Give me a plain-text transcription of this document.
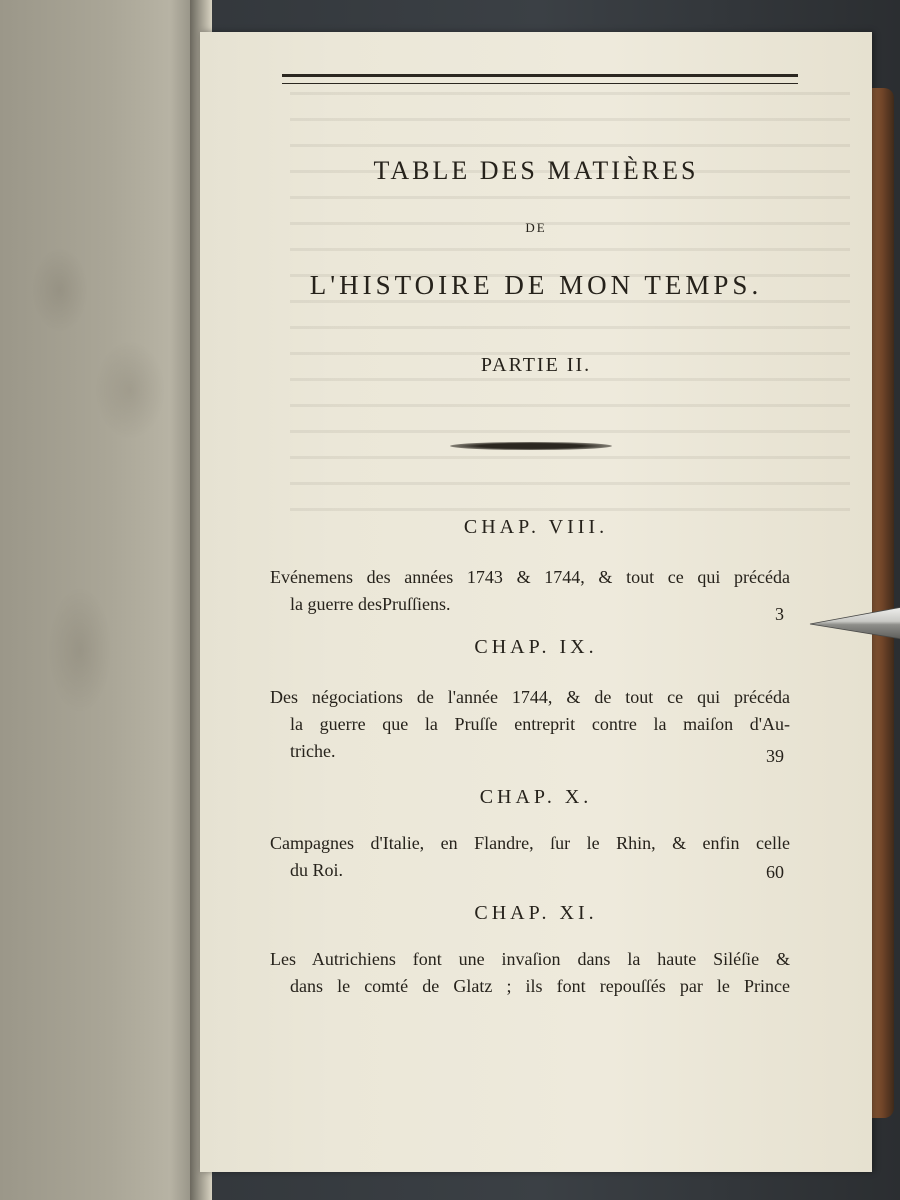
TABLE DES MATIÈRES
DE
L'HISTOIRE DE MON TEMPS.
PARTIE II.
CHAP. VIII.
Evénemens des années 1743 & 1744, & tout ce qui précéda
la guerre desPruſſiens.	3
CHAP. IX.
Des négociations de l'année 1744, & de tout ce qui précéda
la guerre que la Pruſſe entreprit contre la maiſon d'Au-
triche.	39
CHAP. X.
Campagnes d'Italie, en Flandre, ſur le Rhin, & enfin celle
du Roi.	60
CHAP. XI.
Les Autrichiens font une invaſion dans la haute Siléſie &
dans le comté de Glatz ; ils font repouſſés par le Prince
